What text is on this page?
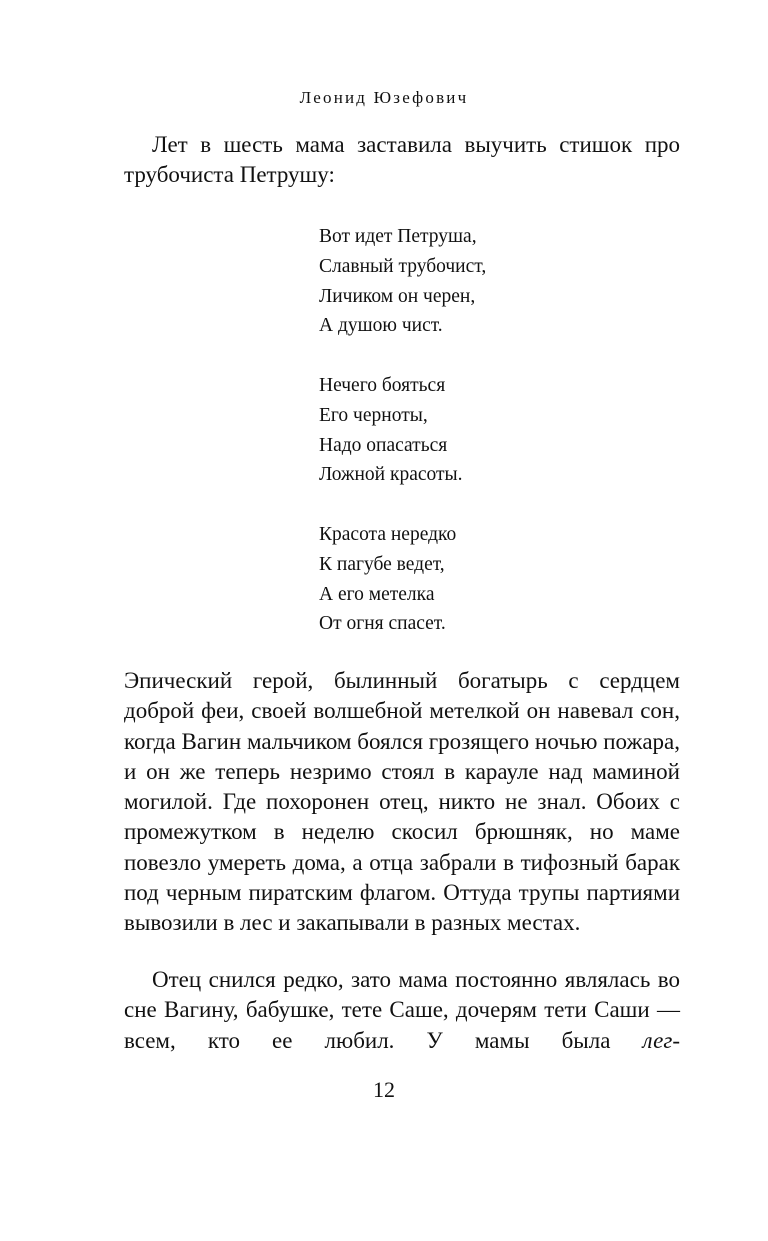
Леонид Юзефович

Лет в шесть мама заставила выучить стишок про трубочиста Петрушу:

Вот идет Петруша,
Славный трубочист,
Личиком он черен,
А душою чист.
Нечего бояться
Его черноты,
Надо опасаться
Ложной красоты.
Красота нередко
К пагубе ведет,
А его метелка
От огня спасет.

Эпический герой, былинный богатырь с сердцем доброй феи, своей волшебной метелкой он навевал сон, когда Вагин мальчиком боялся грозящего ночью пожара, и он же теперь незримо стоял в карауле над маминой могилой. Где похоронен отец, никто не знал. Обоих с промежутком в неделю скосил брюшняк, но маме повезло умереть дома, а отца забрали в тифозный барак под черным пиратским флагом. Оттуда трупы партиями вывозили в лес и закапывали в разных местах.

Отец снился редко, зато мама постоянно являлась во сне Вагину, бабушке, тете Саше, дочерям тети Саши — всем, кто ее любил. У мамы была лег-

12
